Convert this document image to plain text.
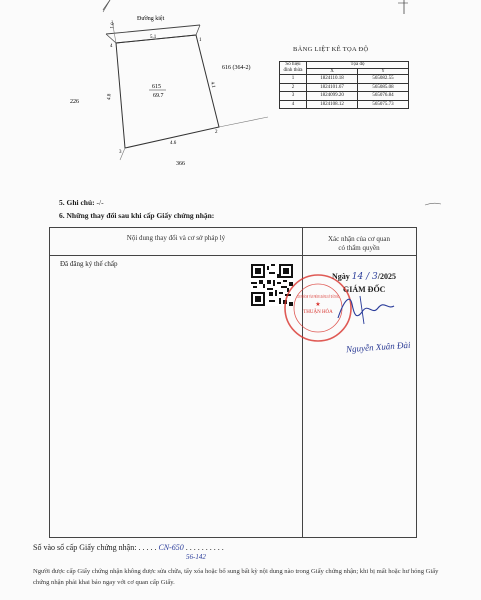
Đường kiệt
1
2
3
4
5.1
4.8
4.6
4.1
1.0
615
69.7
616 (364-2)
226
366
BẢNG LIỆT KÊ TỌA ĐỘ
Số hiệu đỉnh thửa	Tọa độ	
	X	Y
1	1824110.18	565082.55
2	1824101.67	565085.08
3	1824099.20	565076.84
4	1824108.12	565075.73
5. Ghi chú: -/-
6. Những thay đổi sau khi cấp Giấy chứng nhận:
Nội dung thay đổi và cơ sở pháp lý	Xác nhận của cơ quan
có thẩm quyền
Đã đăng ký thế chấp
Ngày 14 / 3/2025
GIÁM ĐỐC
CHI NHÁNH VĂN PHÒNG ĐĂNG KÝ ĐẤT ĐAI
THUẬN HÓA
★
Nguyễn Xuân Đài
Số vào sổ cấp Giấy chứng nhận: . . . . . CN-650 . . . . . . . . . .
56-142
Người được cấp Giấy chứng nhận không được sửa chữa, tẩy xóa hoặc bổ sung bất kỳ nội dung nào trong Giấy chứng nhận; khi bị mất hoặc hư hỏng Giấy chứng nhận phải khai báo ngay với cơ quan cấp Giấy.
